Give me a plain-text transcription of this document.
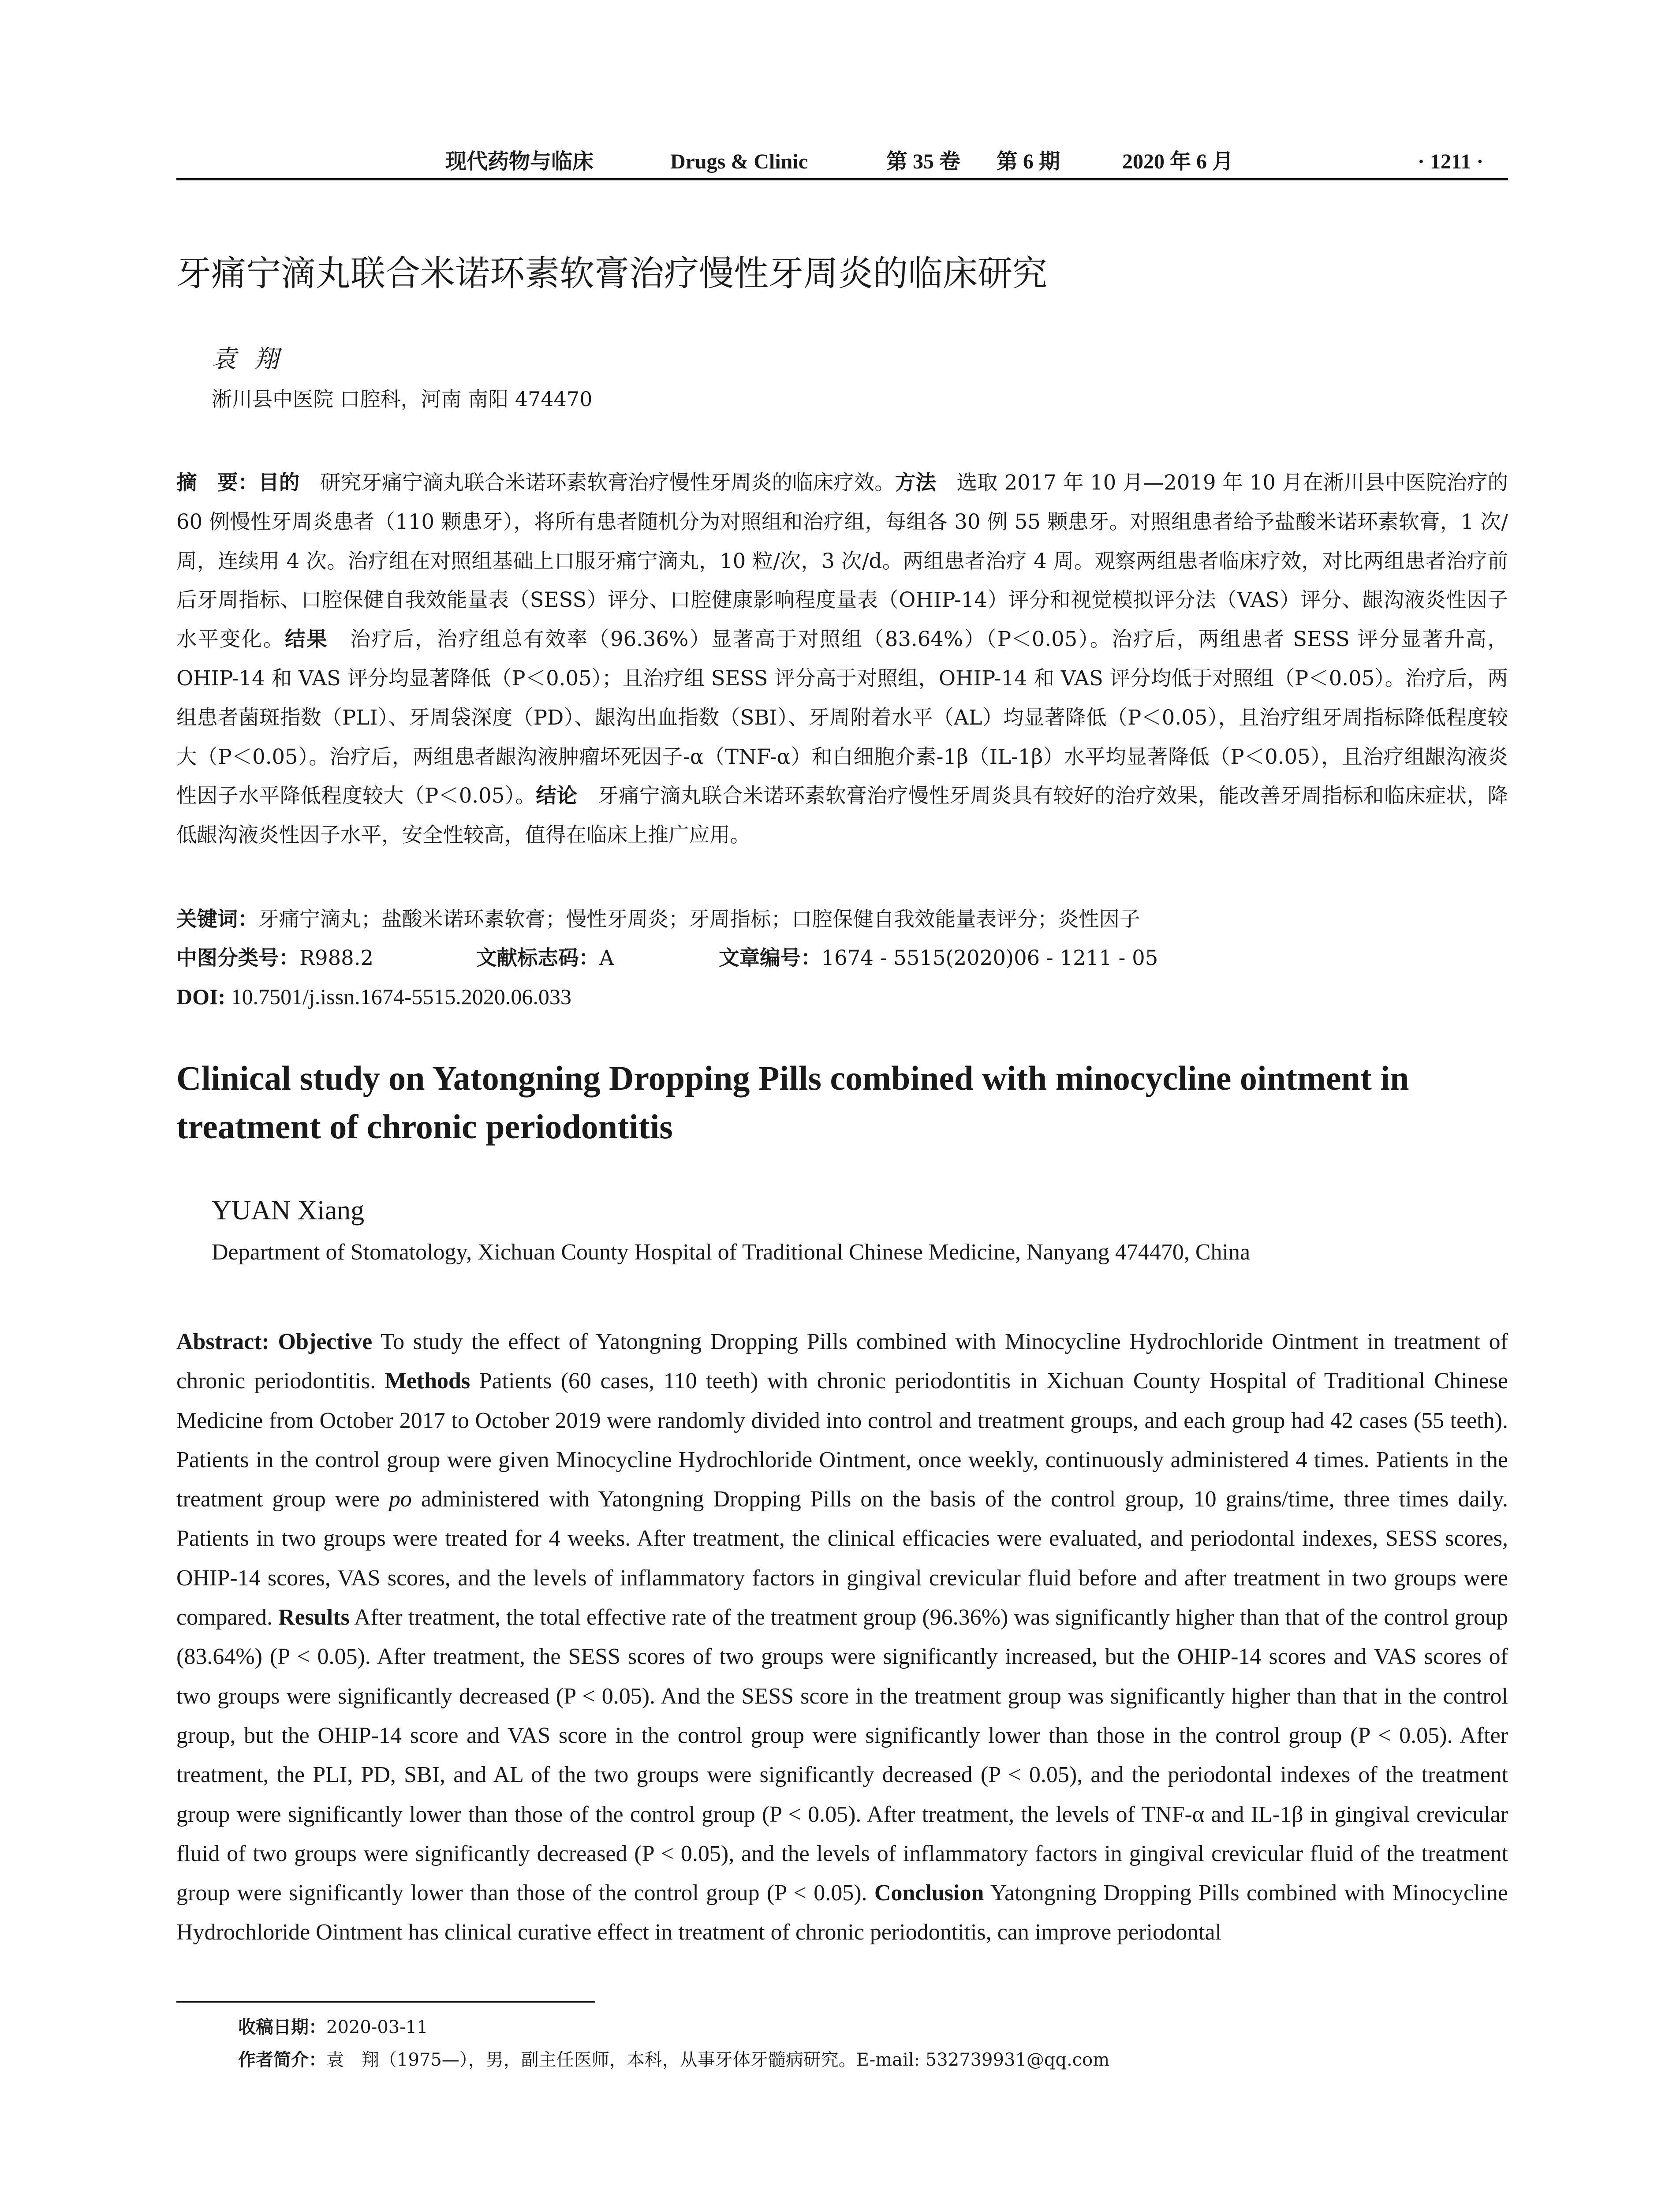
现代药物与临床	Drugs & Clinic	第 35 卷 第 6 期	2020 年 6 月	· 1211 ·
牙痛宁滴丸联合米诺环素软膏治疗慢性牙周炎的临床研究
袁翔
淅川县中医院 口腔科，河南 南阳 474470
摘　要：目的　研究牙痛宁滴丸联合米诺环素软膏治疗慢性牙周炎的临床疗效。方法　选取 2017 年 10 月—2019 年 10 月在淅川县中医院治疗的 60 例慢性牙周炎患者（110 颗患牙），将所有患者随机分为对照组和治疗组，每组各 30 例 55 颗患牙。对照组患者给予盐酸米诺环素软膏，1 次/周，连续用 4 次。治疗组在对照组基础上口服牙痛宁滴丸，10 粒/次，3 次/d。两组患者治疗 4 周。观察两组患者临床疗效，对比两组患者治疗前后牙周指标、口腔保健自我效能量表（SESS）评分、口腔健康影响程度量表（OHIP-14）评分和视觉模拟评分法（VAS）评分、龈沟液炎性因子水平变化。结果　治疗后，治疗组总有效率（96.36%）显著高于对照组（83.64%）（P＜0.05）。治疗后，两组患者 SESS 评分显著升高，OHIP-14 和 VAS 评分均显著降低（P＜0.05）；且治疗组 SESS 评分高于对照组，OHIP-14 和 VAS 评分均低于对照组（P＜0.05）。治疗后，两组患者菌斑指数（PLI）、牙周袋深度（PD）、龈沟出血指数（SBI）、牙周附着水平（AL）均显著降低（P＜0.05），且治疗组牙周指标降低程度较大（P＜0.05）。治疗后，两组患者龈沟液肿瘤坏死因子-α（TNF-α）和白细胞介素-1β（IL-1β）水平均显著降低（P＜0.05），且治疗组龈沟液炎性因子水平降低程度较大（P＜0.05）。结论　牙痛宁滴丸联合米诺环素软膏治疗慢性牙周炎具有较好的治疗效果，能改善牙周指标和临床症状，降低龈沟液炎性因子水平，安全性较高，值得在临床上推广应用。
关键词：牙痛宁滴丸；盐酸米诺环素软膏；慢性牙周炎；牙周指标；口腔保健自我效能量表评分；炎性因子
中图分类号：R988.2	文献标志码：A	文章编号：1674 - 5515(2020)06 - 1211 - 05
DOI: 10.7501/j.issn.1674-5515.2020.06.033
Clinical study on Yatongning Dropping Pills combined with minocycline ointment in treatment of chronic periodontitis
YUAN Xiang
Department of Stomatology, Xichuan County Hospital of Traditional Chinese Medicine, Nanyang 474470, China
Abstract: Objective To study the effect of Yatongning Dropping Pills combined with Minocycline Hydrochloride Ointment in treatment of chronic periodontitis. Methods Patients (60 cases, 110 teeth) with chronic periodontitis in Xichuan County Hospital of Traditional Chinese Medicine from October 2017 to October 2019 were randomly divided into control and treatment groups, and each group had 42 cases (55 teeth). Patients in the control group were given Minocycline Hydrochloride Ointment, once weekly, continuously administered 4 times. Patients in the treatment group were po administered with Yatongning Dropping Pills on the basis of the control group, 10 grains/time, three times daily. Patients in two groups were treated for 4 weeks. After treatment, the clinical efficacies were evaluated, and periodontal indexes, SESS scores, OHIP-14 scores, VAS scores, and the levels of inflammatory factors in gingival crevicular fluid before and after treatment in two groups were compared. Results After treatment, the total effective rate of the treatment group (96.36%) was significantly higher than that of the control group (83.64%) (P < 0.05). After treatment, the SESS scores of two groups were significantly increased, but the OHIP-14 scores and VAS scores of two groups were significantly decreased (P < 0.05). And the SESS score in the treatment group was significantly higher than that in the control group, but the OHIP-14 score and VAS score in the control group were significantly lower than those in the control group (P < 0.05). After treatment, the PLI, PD, SBI, and AL of the two groups were significantly decreased (P < 0.05), and the periodontal indexes of the treatment group were significantly lower than those of the control group (P < 0.05). After treatment, the levels of TNF-α and IL-1β in gingival crevicular fluid of two groups were significantly decreased (P < 0.05), and the levels of inflammatory factors in gingival crevicular fluid of the treatment group were significantly lower than those of the control group (P < 0.05). Conclusion Yatongning Dropping Pills combined with Minocycline Hydrochloride Ointment has clinical curative effect in treatment of chronic periodontitis, can improve periodontal
收稿日期：2020-03-11
作者简介：袁　翔（1975—），男，副主任医师，本科，从事牙体牙髓病研究。E-mail: 532739931@qq.com
